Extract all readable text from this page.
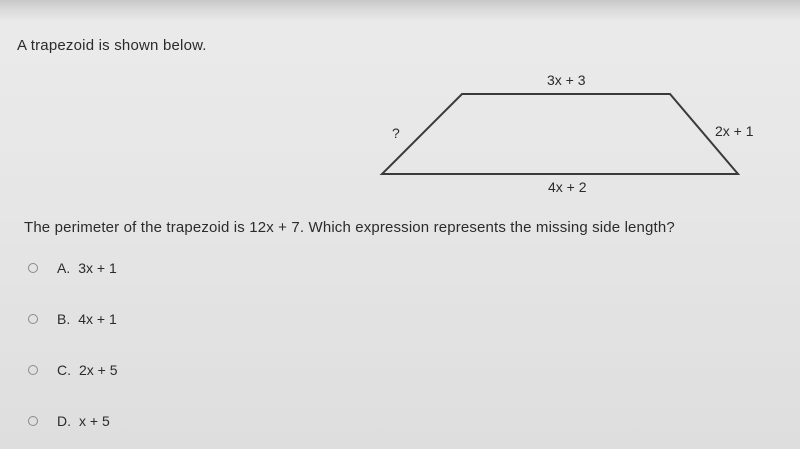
A trapezoid is shown below.
3x + 3
2x + 1
4x + 2
?
The perimeter of the trapezoid is 12x + 7. Which expression represents the missing side length?
A. 3x + 1
B. 4x + 1
C. 2x + 5
D. x + 5
